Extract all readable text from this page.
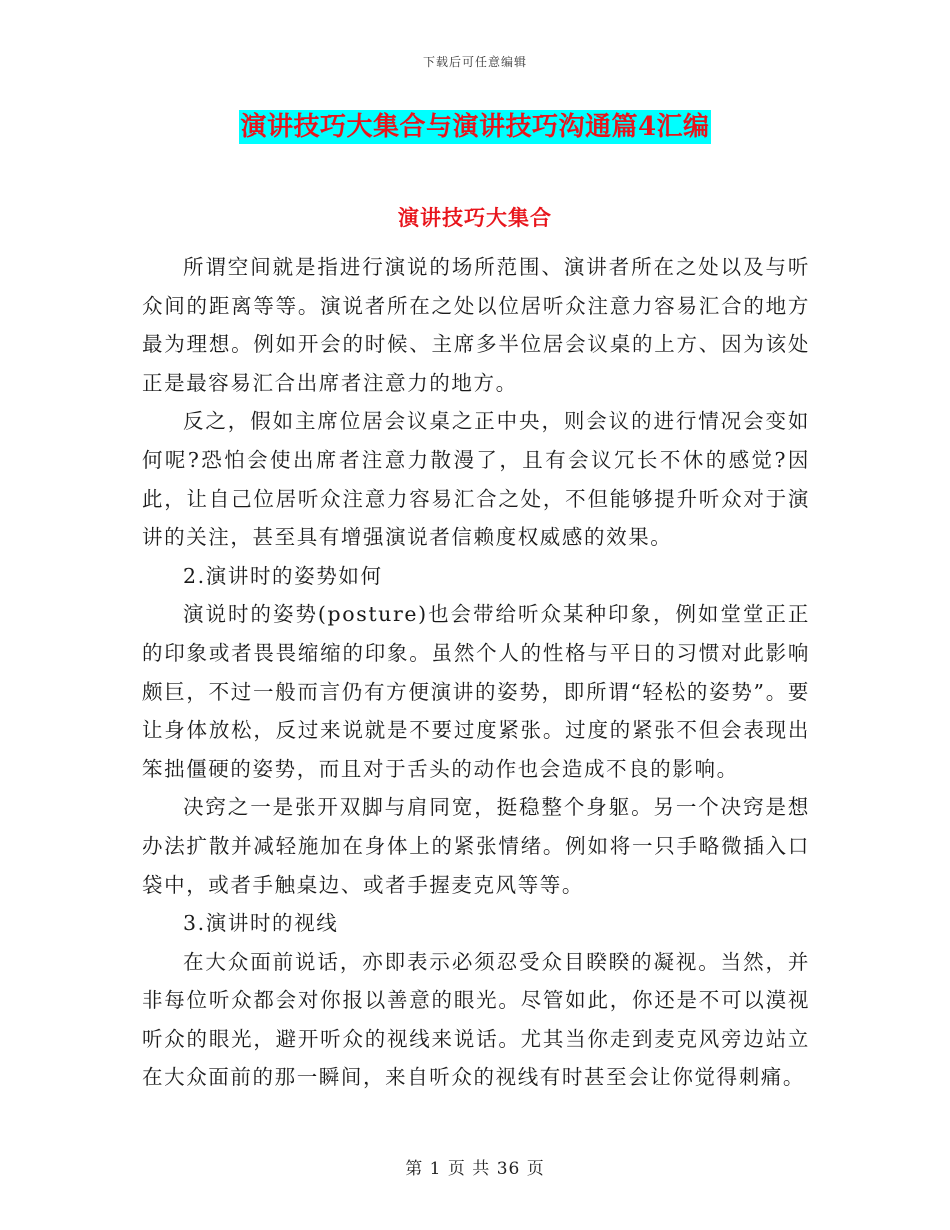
下载后可任意编辑
演讲技巧大集合与演讲技巧沟通篇4汇编
演讲技巧大集合

所谓空间就是指进行演说的场所范围、演讲者所在之处以及与听众间的距离等等。演说者所在之处以位居听众注意力容易汇合的地方最为理想。例如开会的时候、主席多半位居会议桌的上方、因为该处正是最容易汇合出席者注意力的地方。

反之，假如主席位居会议桌之正中央，则会议的进行情况会变如何呢?恐怕会使出席者注意力散漫了，且有会议冗长不休的感觉?因此，让自己位居听众注意力容易汇合之处，不但能够提升听众对于演讲的关注，甚至具有增强演说者信赖度权威感的效果。

2.演讲时的姿势如何

演说时的姿势(posture)也会带给听众某种印象，例如堂堂正正的印象或者畏畏缩缩的印象。虽然个人的性格与平日的习惯对此影响颇巨，不过一般而言仍有方便演讲的姿势，即所谓“轻松的姿势”。要让身体放松，反过来说就是不要过度紧张。过度的紧张不但会表现出笨拙僵硬的姿势，而且对于舌头的动作也会造成不良的影响。

决窍之一是张开双脚与肩同宽，挺稳整个身躯。另一个决窍是想办法扩散并减轻施加在身体上的紧张情绪。例如将一只手略微插入口袋中，或者手触桌边、或者手握麦克风等等。

3.演讲时的视线

在大众面前说话，亦即表示必须忍受众目睽睽的凝视。当然，并非每位听众都会对你报以善意的眼光。尽管如此，你还是不可以漠视听众的眼光，避开听众的视线来说话。尤其当你走到麦克风旁边站立在大众面前的那一瞬间，来自听众的视线有时甚至会让你觉得刺痛。

第 1 页 共 36 页
